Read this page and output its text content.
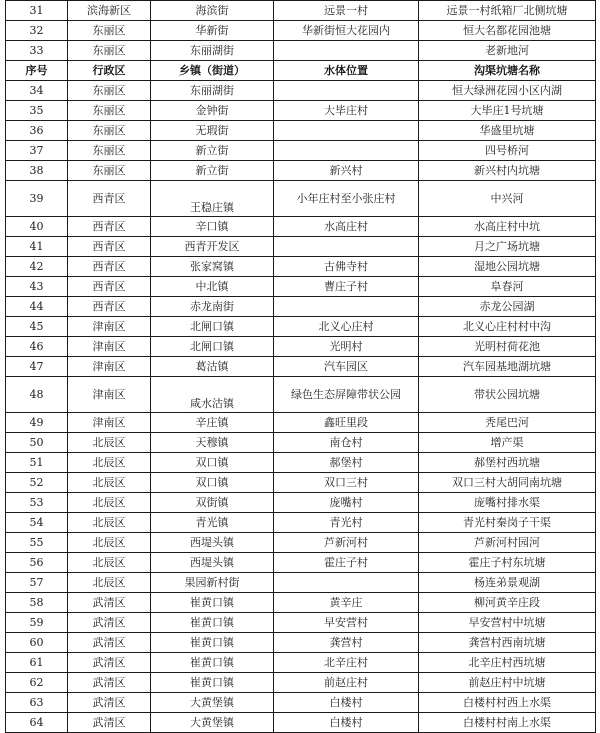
31	滨海新区	海滨街	远景一村	远景一村纸箱厂北侧坑塘
32	东丽区	华新街	华新街恒大花园内	恒大名都花园池塘
33	东丽区	东丽湖街		老新地河
序号	行政区	乡镇（街道）	水体位置	沟渠坑塘名称
34	东丽区	东丽湖街		恒大绿洲花园小区内湖
35	东丽区	金钟街	大毕庄村	大毕庄1号坑塘
36	东丽区	无瑕街		华盛里坑塘
37	东丽区	新立街		四号桥河
38	东丽区	新立街	新兴村	新兴村内坑塘
39	西青区	王稳庄镇	小年庄村至小张庄村	中兴河
40	西青区	辛口镇	水高庄村	水高庄村中坑
41	西青区	西青开发区		月之广场坑塘
42	西青区	张家窝镇	古佛寺村	湿地公园坑塘
43	西青区	中北镇	曹庄子村	阜春河
44	西青区	赤龙南街		赤龙公园湖
45	津南区	北闸口镇	北义心庄村	北义心庄村村中沟
46	津南区	北闸口镇	光明村	光明村荷花池
47	津南区	葛沽镇	汽车园区	汽车园基地湖坑塘
48	津南区	咸水沽镇	绿色生态屏障带状公园	带状公园坑塘
49	津南区	辛庄镇	鑫旺里段	秃尾巴河
50	北辰区	天穆镇	南仓村	增产渠
51	北辰区	双口镇	郝堡村	郝堡村西坑塘
52	北辰区	双口镇	双口三村	双口三村大胡同南坑塘
53	北辰区	双街镇	庞嘴村	庞嘴村排水渠
54	北辰区	青光镇	青光村	青光村秦岗子干渠
55	北辰区	西堤头镇	芦新河村	芦新河村园河
56	北辰区	西堤头镇	霍庄子村	霍庄子村东坑塘
57	北辰区	果园新村街		杨连弟景观湖
58	武清区	崔黄口镇	黄辛庄	柳河黄辛庄段
59	武清区	崔黄口镇	早安营村	早安营村中坑塘
60	武清区	崔黄口镇	龚营村	龚营村西南坑塘
61	武清区	崔黄口镇	北辛庄村	北辛庄村西坑塘
62	武清区	崔黄口镇	前赵庄村	前赵庄村中坑塘
63	武清区	大黄堡镇	白楼村	白楼村村西上水渠
64	武清区	大黄堡镇	白楼村	白楼村村南上水渠
